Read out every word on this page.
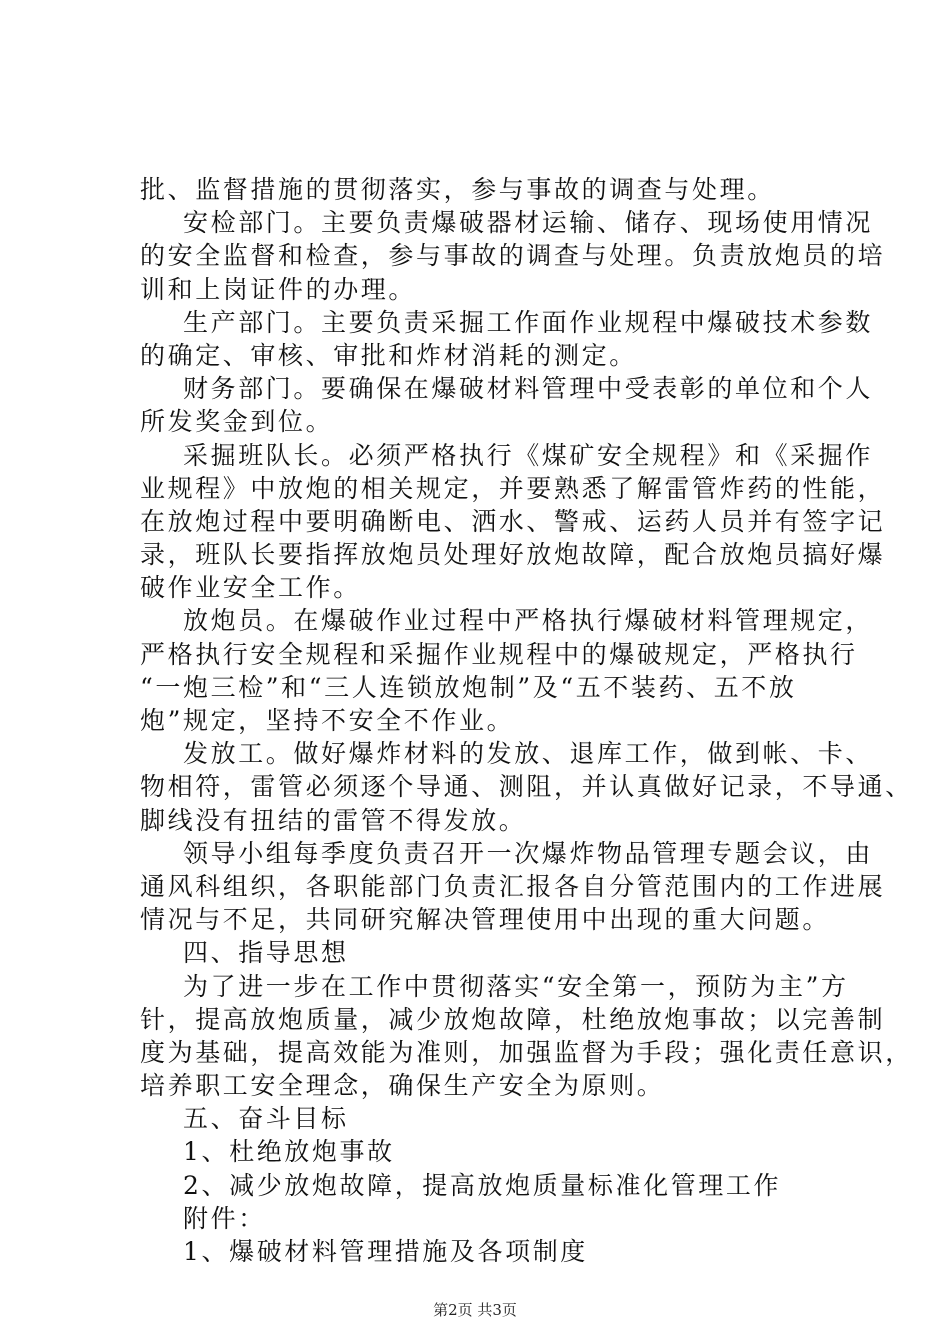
批、监督措施的贯彻落实，参与事故的调查与处理。
安检部门。主要负责爆破器材运输、储存、现场使用情况
的安全监督和检查，参与事故的调查与处理。负责放炮员的培
训和上岗证件的办理。
生产部门。主要负责采掘工作面作业规程中爆破技术参数
的确定、审核、审批和炸材消耗的测定。
财务部门。要确保在爆破材料管理中受表彰的单位和个人
所发奖金到位。
采掘班队长。必须严格执行《煤矿安全规程》和《采掘作
业规程》中放炮的相关规定，并要熟悉了解雷管炸药的性能，
在放炮过程中要明确断电、洒水、警戒、运药人员并有签字记
录，班队长要指挥放炮员处理好放炮故障，配合放炮员搞好爆
破作业安全工作。
放炮员。在爆破作业过程中严格执行爆破材料管理规定，
严格执行安全规程和采掘作业规程中的爆破规定，严格执行
“一炮三检”和“三人连锁放炮制”及“五不装药、五不放
炮”规定，坚持不安全不作业。
发放工。做好爆炸材料的发放、退库工作，做到帐、卡、
物相符，雷管必须逐个导通、测阻，并认真做好记录，不导通、
脚线没有扭结的雷管不得发放。
领导小组每季度负责召开一次爆炸物品管理专题会议，由
通风科组织，各职能部门负责汇报各自分管范围内的工作进展
情况与不足，共同研究解决管理使用中出现的重大问题。
四、指导思想
为了进一步在工作中贯彻落实“安全第一，预防为主”方
针，提高放炮质量，减少放炮故障，杜绝放炮事故；以完善制
度为基础，提高效能为准则，加强监督为手段；强化责任意识，
培养职工安全理念，确保生产安全为原则。
五、奋斗目标
1、杜绝放炮事故
2、减少放炮故障，提高放炮质量标准化管理工作
附件：
1、爆破材料管理措施及各项制度
第2页 共3页
